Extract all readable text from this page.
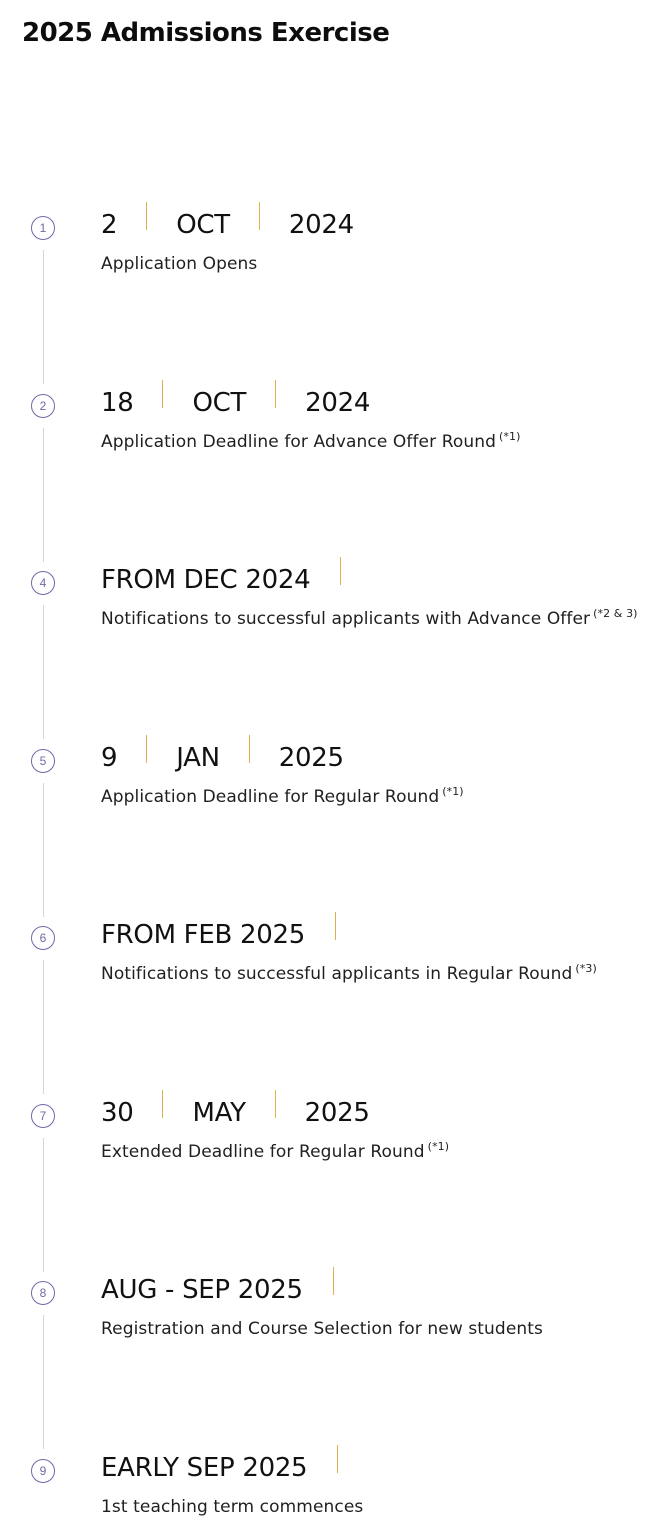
2025 Admissions Exercise
1	2 OCT 2024
Application Opens
2	18 OCT 2024
Application Deadline for Advance Offer Round $^{(*1)}$
4	FROM DEC 2024
Notifications to successful applicants with Advance Offer $^{(*2 \& 3)}$
5	9 JAN 2025
Application Deadline for Regular Round $^{(*1)}$
6	FROM FEB 2025
Notifications to successful applicants in Regular Round $^{(*3)}$
7	30 MAY 2025
Extended Deadline for Regular Round $^{(*1)}$
8	AUG - SEP 2025
Registration and Course Selection for new students
9	EARLY SEP 2025
1st teaching term commences
